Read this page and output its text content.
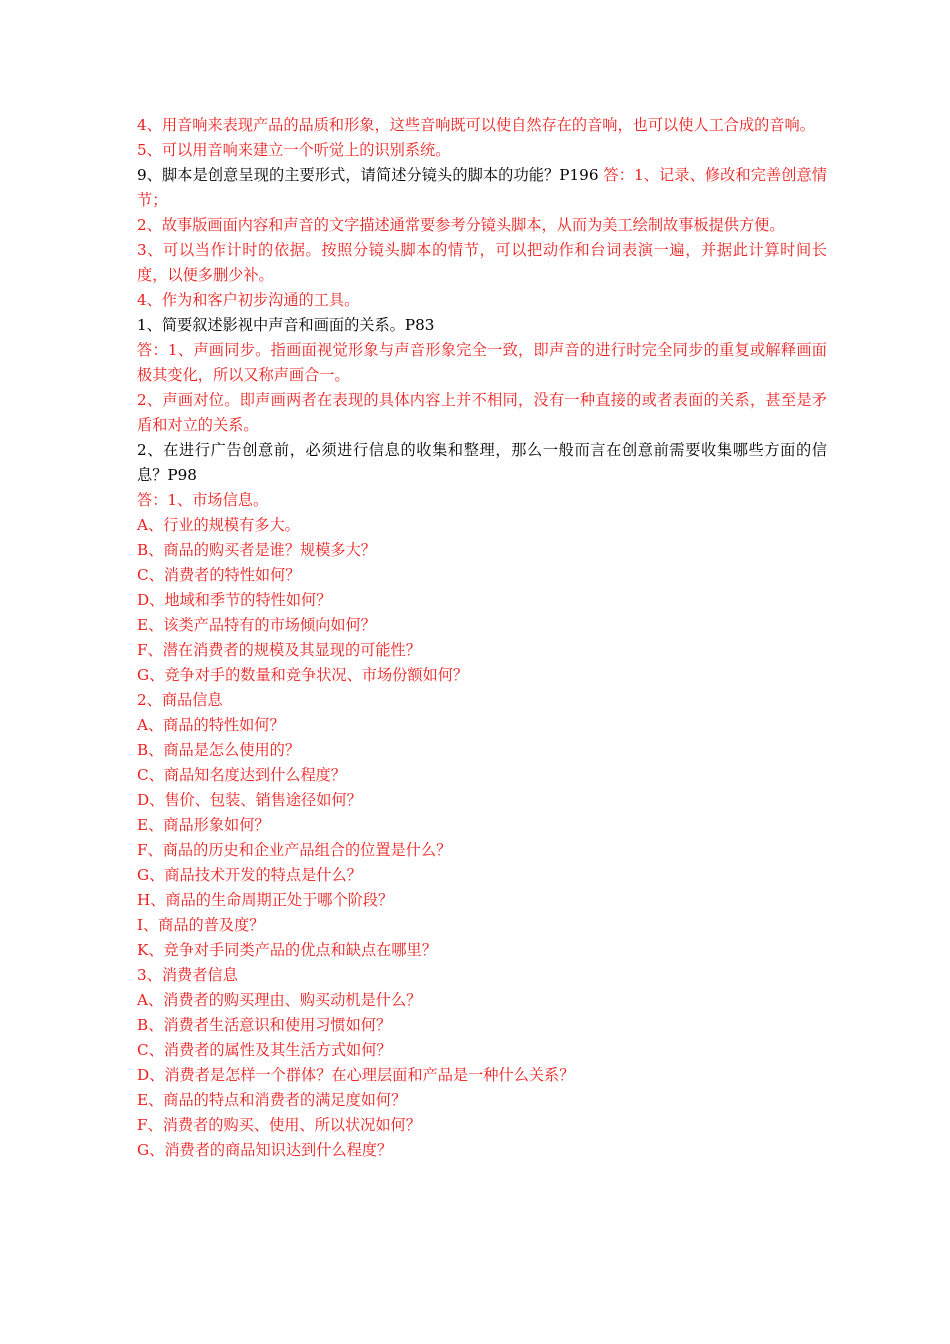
4、用音响来表现产品的品质和形象，这些音响既可以使自然存在的音响，也可以使人工合成的音响。

5、可以用音响来建立一个听觉上的识别系统。

9、脚本是创意呈现的主要形式，请简述分镜头的脚本的功能？P196 答：1、记录、修改和完善创意情节；

2、故事版画面内容和声音的文字描述通常要参考分镜头脚本，从而为美工绘制故事板提供方便。

3、可以当作计时的依据。按照分镜头脚本的情节，可以把动作和台词表演一遍，并据此计算时间长度，以便多删少补。

4、作为和客户初步沟通的工具。

1、简要叙述影视中声音和画面的关系。P83

答：1、声画同步。指画面视觉形象与声音形象完全一致，即声音的进行时完全同步的重复或解释画面极其变化，所以又称声画合一。

2、声画对位。即声画两者在表现的具体内容上并不相同，没有一种直接的或者表面的关系，甚至是矛盾和对立的关系。

2、在进行广告创意前，必须进行信息的收集和整理，那么一般而言在创意前需要收集哪些方面的信息？P98

答：1、市场信息。

A、行业的规模有多大。

B、商品的购买者是谁？规模多大？

C、消费者的特性如何？

D、地域和季节的特性如何？

E、该类产品特有的市场倾向如何？

F、潜在消费者的规模及其显现的可能性？

G、竞争对手的数量和竞争状况、市场份额如何？

2、商品信息

A、商品的特性如何？

B、商品是怎么使用的？

C、商品知名度达到什么程度？

D、售价、包装、销售途径如何？

E、商品形象如何？

F、商品的历史和企业产品组合的位置是什么？

G、商品技术开发的特点是什么？

H、商品的生命周期正处于哪个阶段？

I、商品的普及度？

K、竞争对手同类产品的优点和缺点在哪里？

3、消费者信息

A、消费者的购买理由、购买动机是什么？

B、消费者生活意识和使用习惯如何？

C、消费者的属性及其生活方式如何？

D、消费者是怎样一个群体？在心理层面和产品是一种什么关系？

E、商品的特点和消费者的满足度如何？

F、消费者的购买、使用、所以状况如何？

G、消费者的商品知识达到什么程度？
